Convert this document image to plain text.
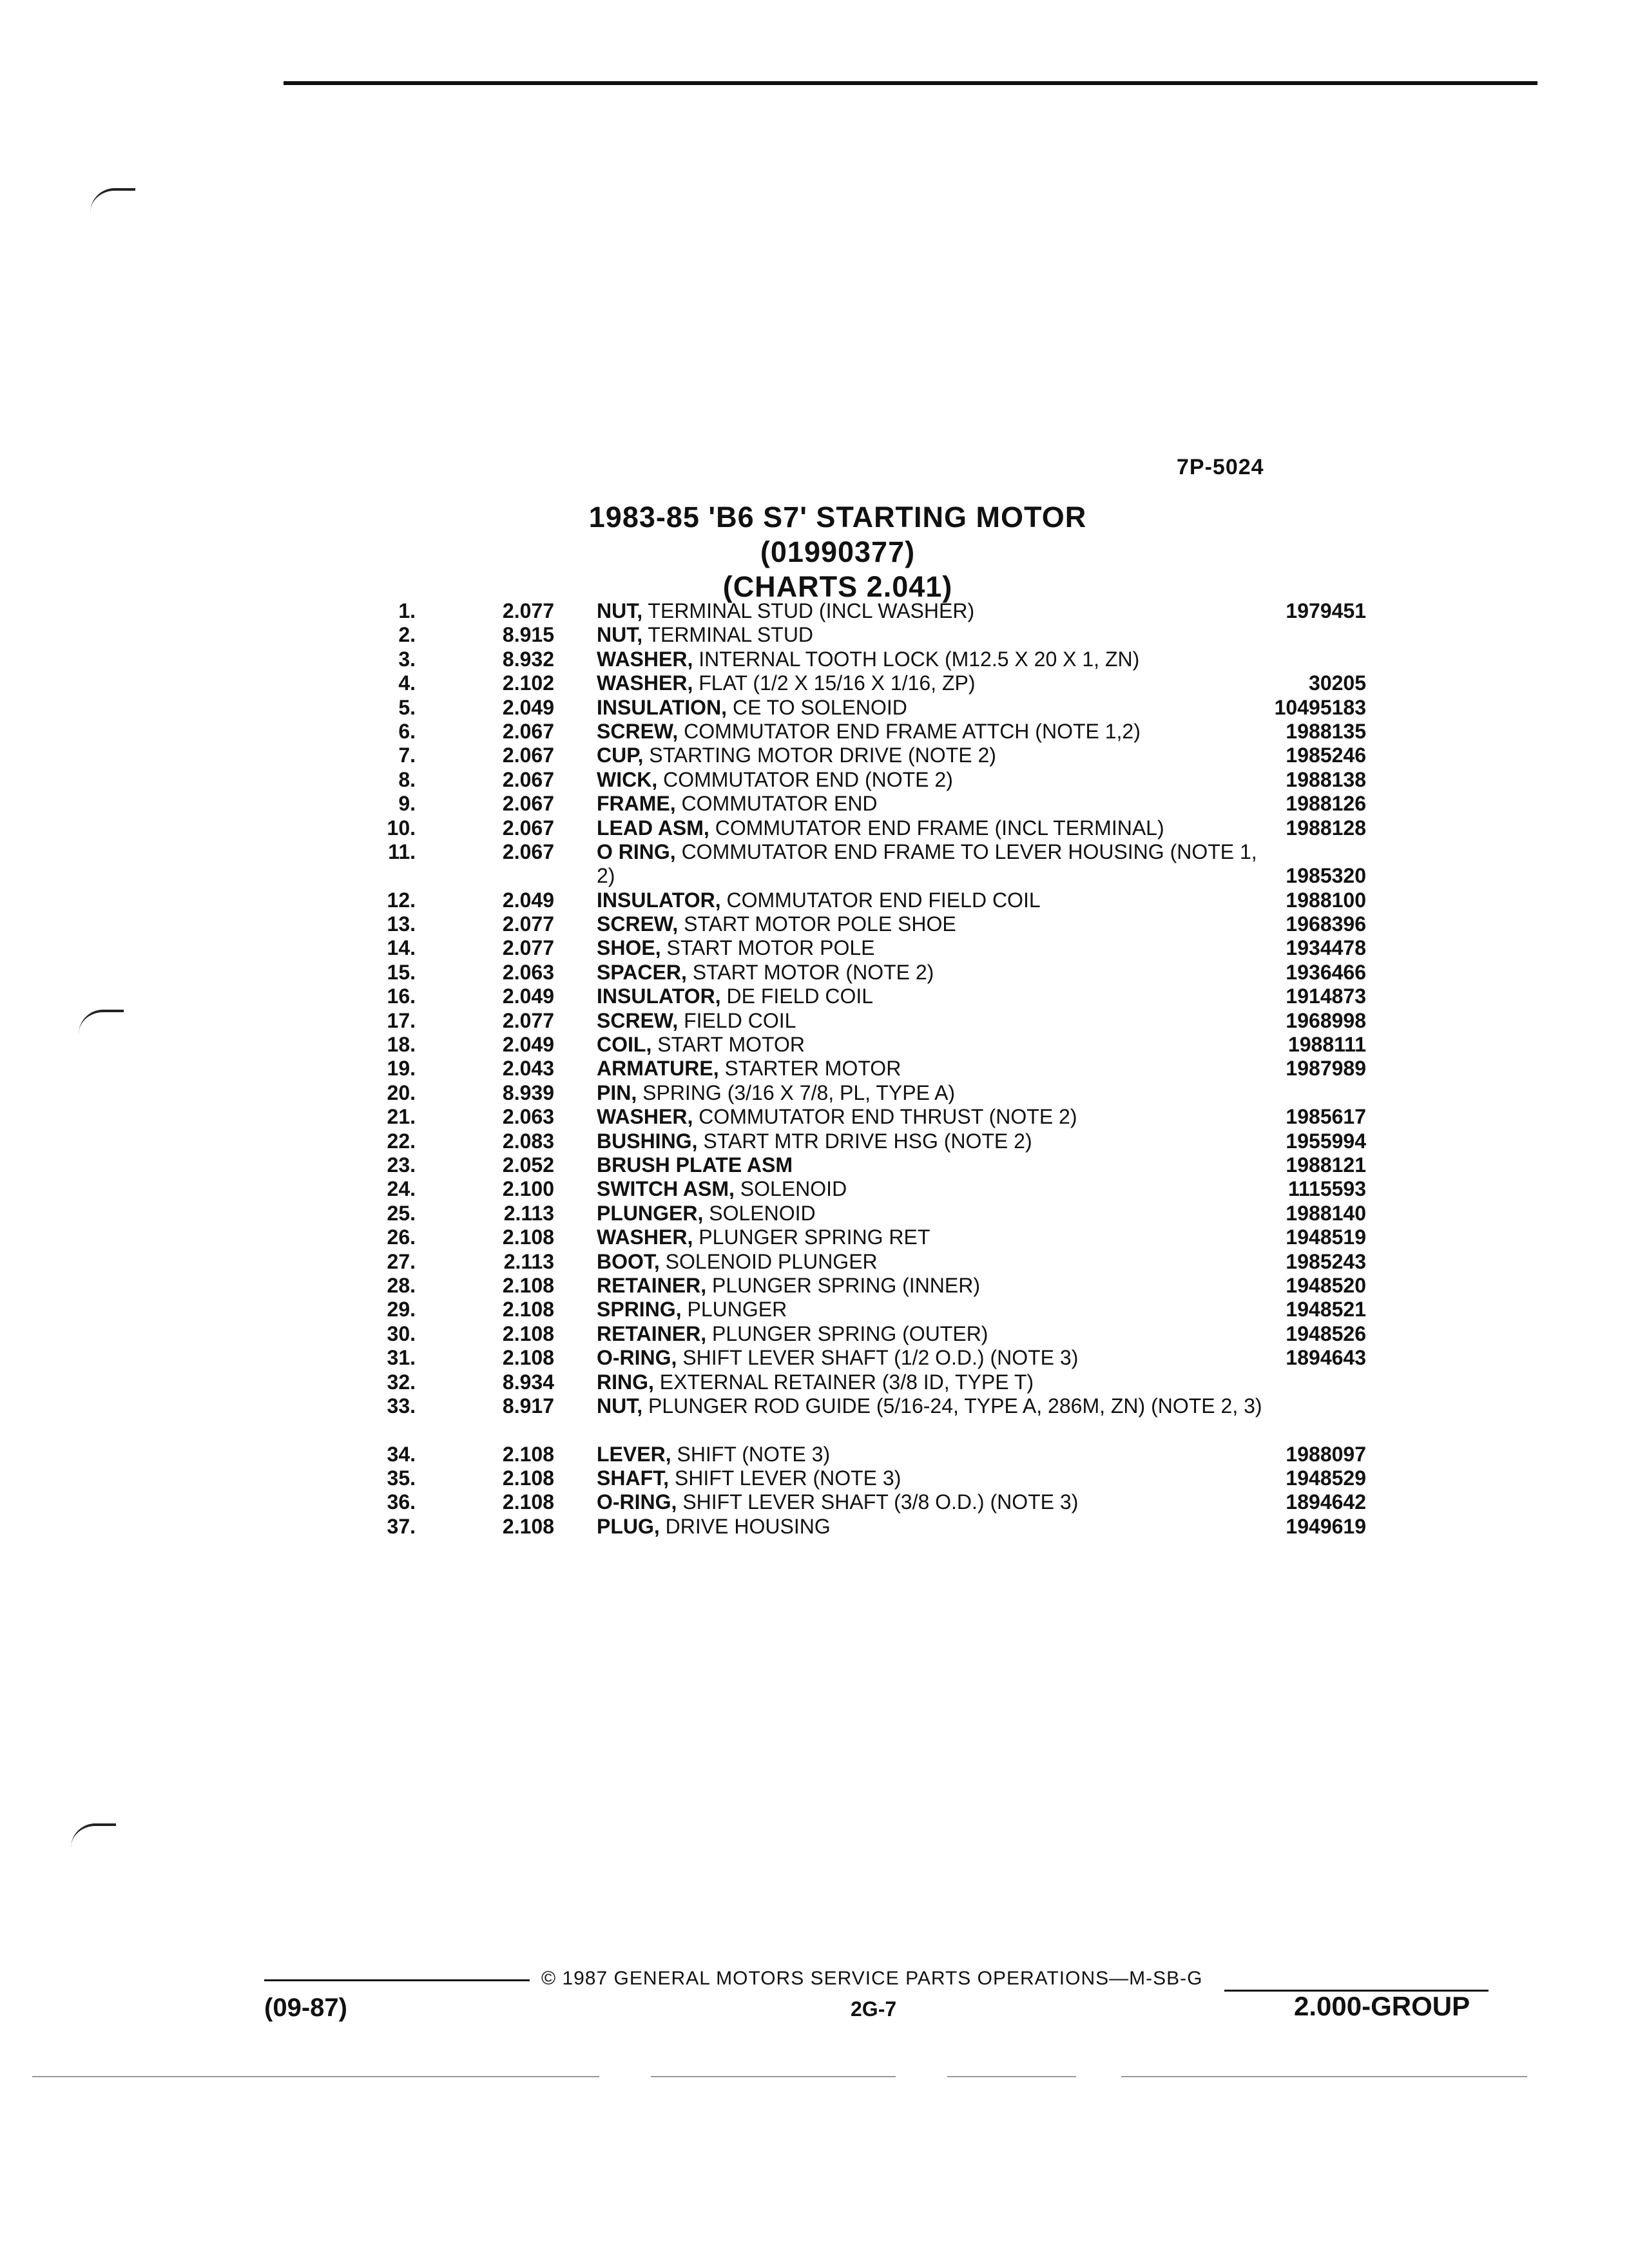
7P-5024
1983-85 'B6 S7' STARTING MOTOR
(01990377)
(CHARTS 2.041)
1.	2.077 NUT, TERMINAL STUD (INCL WASHER)	1979451
2.	8.915 NUT, TERMINAL STUD
3.	8.932 WASHER, INTERNAL TOOTH LOCK (M12.5 X 20 X 1, ZN)
4.	2.102 WASHER, FLAT (1/2 X 15/16 X 1/16, ZP)	30205
5.	2.049 INSULATION, CE TO SOLENOID	10495183
6.	2.067 SCREW, COMMUTATOR END FRAME ATTCH (NOTE 1,2)	1988135
7.	2.067 CUP, STARTING MOTOR DRIVE (NOTE 2)	1985246
8.	2.067 WICK, COMMUTATOR END (NOTE 2)	1988138
9.	2.067 FRAME, COMMUTATOR END	1988126
10.	2.067 LEAD ASM, COMMUTATOR END FRAME (INCL TERMINAL)	1988128
11.	2.067 O RING, COMMUTATOR END FRAME TO LEVER HOUSING (NOTE 1, 2)	1985320
12.	2.049 INSULATOR, COMMUTATOR END FIELD COIL	1988100
13.	2.077 SCREW, START MOTOR POLE SHOE	1968396
14.	2.077 SHOE, START MOTOR POLE	1934478
15.	2.063 SPACER, START MOTOR (NOTE 2)	1936466
16.	2.049 INSULATOR, DE FIELD COIL	1914873
17.	2.077 SCREW, FIELD COIL	1968998
18.	2.049 COIL, START MOTOR	1988111
19.	2.043 ARMATURE, STARTER MOTOR	1987989
20.	8.939 PIN, SPRING (3/16 X 7/8, PL, TYPE A)
21.	2.063 WASHER, COMMUTATOR END THRUST (NOTE 2)	1985617
22.	2.083 BUSHING, START MTR DRIVE HSG (NOTE 2)	1955994
23.	2.052 BRUSH PLATE ASM	1988121
24.	2.100 SWITCH ASM, SOLENOID	1115593
25.	2.113 PLUNGER, SOLENOID	1988140
26.	2.108 WASHER, PLUNGER SPRING RET	1948519
27.	2.113 BOOT, SOLENOID PLUNGER	1985243
28.	2.108 RETAINER, PLUNGER SPRING (INNER)	1948520
29.	2.108 SPRING, PLUNGER	1948521
30.	2.108 RETAINER, PLUNGER SPRING (OUTER)	1948526
31.	2.108 O-RING, SHIFT LEVER SHAFT (1/2 O.D.) (NOTE 3)	1894643
32.	8.934 RING, EXTERNAL RETAINER (3/8 ID, TYPE T)
33.	8.917 NUT, PLUNGER ROD GUIDE (5/16-24, TYPE A, 286M, ZN) (NOTE 2, 3)
34.	2.108 LEVER, SHIFT (NOTE 3)	1988097
35.	2.108 SHAFT, SHIFT LEVER (NOTE 3)	1948529
36.	2.108 O-RING, SHIFT LEVER SHAFT (3/8 O.D.) (NOTE 3)	1894642
37.	2.108 PLUG, DRIVE HOUSING	1949619
© 1987 GENERAL MOTORS SERVICE PARTS OPERATIONS—M-SB-G
(09-87)	2G-7	2.000-GROUP
